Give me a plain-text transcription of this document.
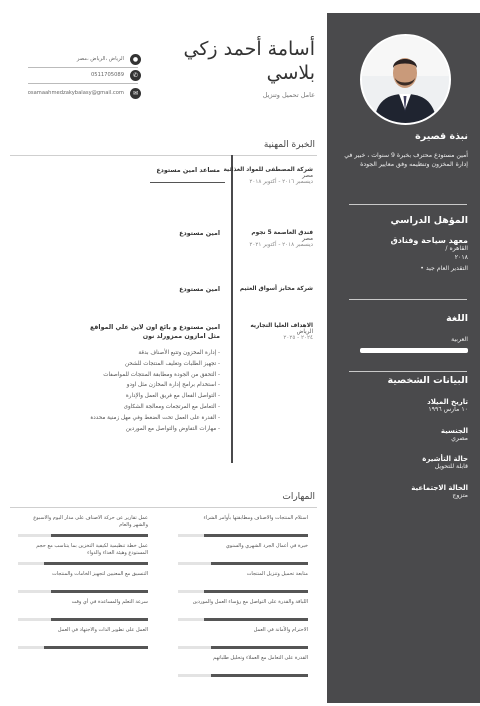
نبذة قصيرة
أمين مستودع محترف بخبرة 9 سنوات ، خبير في إدارة المخزون وتنظيمه وفق معايير الجودة
المؤهل الدراسي
معهد سياحة وفنادق
القاهره /
٢٠١٨
التقدير العام جيد •
اللغة
العربية
البيانات الشخصية
تاريخ الميلاد
١٠ مارس ١٩٩٦
الجنسية
مصري
حالة التأشيرة
قابلة للتحويل
الحالة الاجتماعية
متزوج
أسامة أحمد زكي بلاسي
عامل تحميل وتنزيل
الرياض ،الرياض ،مصر	●
0511705089	✆
osamaahmedzakybalasy@gmail.com	✉
الخبرة المهنية
شركة المصطفى للمواد الغذائية
مصر
ديسمبر ٢٠١٦ - أكتوبر ٢٠١٨
مساعد امين مستودع
فندق العاصمة 5 نجوم
مصر
ديسمبر ٢٠١٨ - أكتوبر ٢٠٢١
امين مستودع
شركة مخابز أسواق العثيم
امين مستودع
الاهداف العليا التجاريه
الرياض
٢٠٢٤ - ٢٠٢٥
امين مستودع و بائع اون لاين علي المواقع مثل امازون ممزورلد نون
- إدارة المخزون وتتبع الأصناف بدقة
- تجهيز الطلبات وتغليف المنتجات للشحن
- التحقق من الجودة ومطابقة المنتجات للمواصفات
- استخدام برامج إدارة المخازن مثل اودو
- التواصل الفعال مع فريق العمل والإدارة
- التعامل مع المرتجعات ومعالجة الشكاوى
- القدرة على العمل تحت الضغط وفي مهل زمنية محددة
- مهارات التفاوض والتواصل مع الموردين
المهارات
عمل تقارير عن حركة الاصناف على مدار اليوم والاسبوع والشهر والعام
عمل خطة تنظيمية لكيفية التخزين بما يتناسب مع حجم المستودع وهيئة الغذاء والدواء
التنسيق مع المعنيين لتجهيز الخامات والمنتجات
سرعة التعلم والمساعدة في أي وقت
العمل على تطوير الذات والاجتهاد في العمل
استلام المنتجات والاصناف ومطابقتها بأوامر الشراء
خبرة في أعمال الجرد الشهري والسنوي
متابعة تحميل وتنزيل المنتجات
اللباقة والقدرة على التواصل مع رؤساء العمل والموردين
الاحترام والأمانة في العمل
القدرة على التعامل مع العملاء وتحليل طلباتهم
